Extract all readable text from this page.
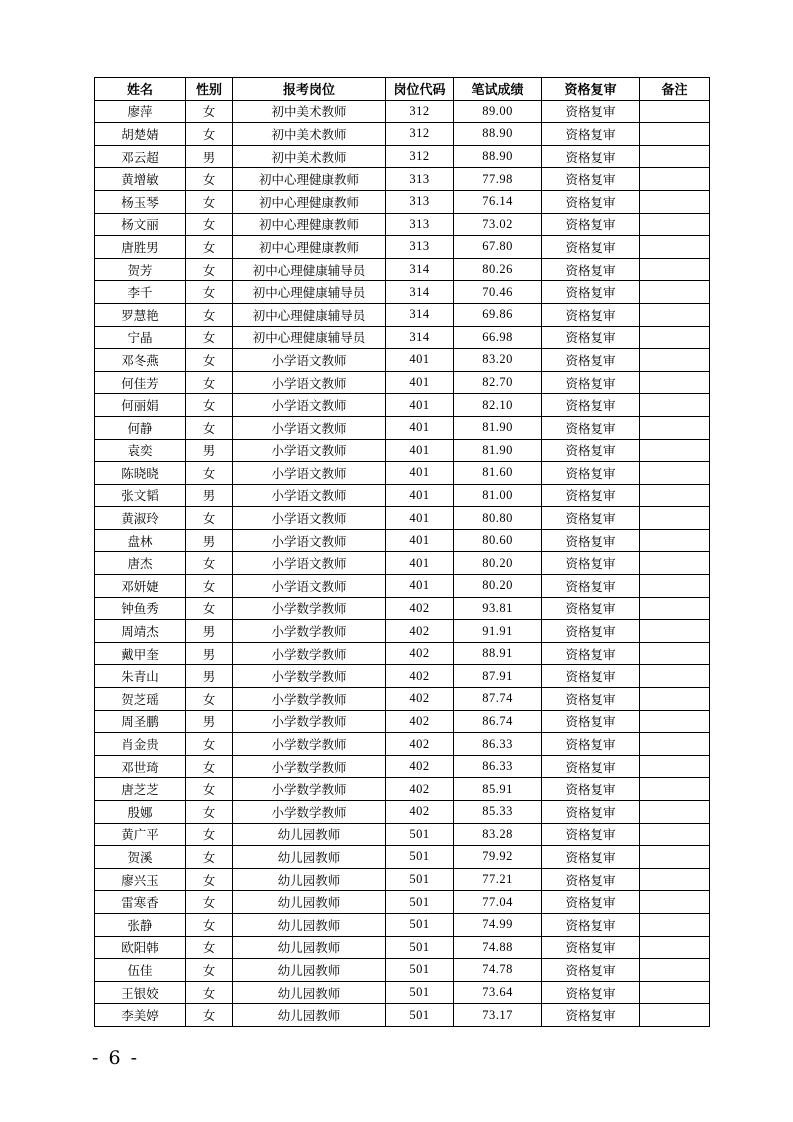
姓名	性别	报考岗位	岗位代码	笔试成绩	资格复审	备注
廖萍	女	初中美术教师	312	89.00	资格复审	
胡楚婧	女	初中美术教师	312	88.90	资格复审	
邓云超	男	初中美术教师	312	88.90	资格复审	
黄增敏	女	初中心理健康教师	313	77.98	资格复审	
杨玉琴	女	初中心理健康教师	313	76.14	资格复审	
杨文丽	女	初中心理健康教师	313	73.02	资格复审	
唐胜男	女	初中心理健康教师	313	67.80	资格复审	
贺芳	女	初中心理健康辅导员	314	80.26	资格复审	
李千	女	初中心理健康辅导员	314	70.46	资格复审	
罗慧艳	女	初中心理健康辅导员	314	69.86	资格复审	
宁晶	女	初中心理健康辅导员	314	66.98	资格复审	
邓冬燕	女	小学语文教师	401	83.20	资格复审	
何佳芳	女	小学语文教师	401	82.70	资格复审	
何丽娟	女	小学语文教师	401	82.10	资格复审	
何静	女	小学语文教师	401	81.90	资格复审	
袁奕	男	小学语文教师	401	81.90	资格复审	
陈晓晓	女	小学语文教师	401	81.60	资格复审	
张文韬	男	小学语文教师	401	81.00	资格复审	
黄淑玲	女	小学语文教师	401	80.80	资格复审	
盘林	男	小学语文教师	401	80.60	资格复审	
唐杰	女	小学语文教师	401	80.20	资格复审	
邓妍婕	女	小学语文教师	401	80.20	资格复审	
钟鱼秀	女	小学数学教师	402	93.81	资格复审	
周靖杰	男	小学数学教师	402	91.91	资格复审	
戴甲奎	男	小学数学教师	402	88.91	资格复审	
朱青山	男	小学数学教师	402	87.91	资格复审	
贺芝瑶	女	小学数学教师	402	87.74	资格复审	
周圣鹏	男	小学数学教师	402	86.74	资格复审	
肖金贵	女	小学数学教师	402	86.33	资格复审	
邓世琦	女	小学数学教师	402	86.33	资格复审	
唐芝芝	女	小学数学教师	402	85.91	资格复审	
殷娜	女	小学数学教师	402	85.33	资格复审	
黄广平	女	幼儿园教师	501	83.28	资格复审	
贺溪	女	幼儿园教师	501	79.92	资格复审	
廖兴玉	女	幼儿园教师	501	77.21	资格复审	
雷寒香	女	幼儿园教师	501	77.04	资格复审	
张静	女	幼儿园教师	501	74.99	资格复审	
欧阳韩	女	幼儿园教师	501	74.88	资格复审	
伍佳	女	幼儿园教师	501	74.78	资格复审	
王银姣	女	幼儿园教师	501	73.64	资格复审	
李美婷	女	幼儿园教师	501	73.17	资格复审	
- 6 -
